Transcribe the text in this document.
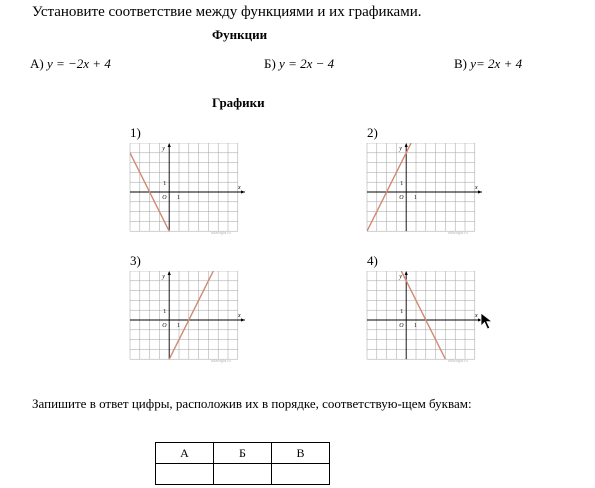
Установите соответствие между функциями и их графиками.
Функции
А) y = −2x + 4	Б) y = 2x − 4	В) y= 2x + 4
Графики
1)	2)
3)	4)
y
x
O
1
1
sdamgia.ru
y
x
O
1
1
sdamgia.ru
y
x
O
1
1
sdamgia.ru
y
x
O
1
1
sdamgia.ru
Запишите в ответ цифры, расположив их в порядке, соответствую-щем буквам:
А	Б	В
